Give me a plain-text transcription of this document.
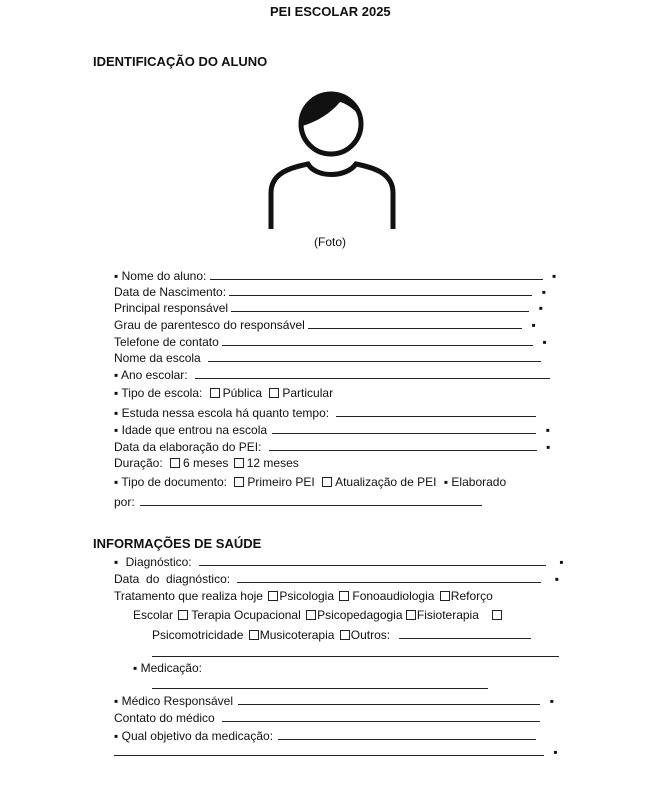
PEI ESCOLAR 2025
IDENTIFICAÇÃO DO ALUNO
(Foto)
▪ Nome do aluno:	▪
Data de Nascimento:	▪
Principal responsável	▪
Grau de parentesco do responsável	▪
Telefone de contato	▪
Nome da escola
▪ Ano escolar:
▪ Tipo de escola: Pública Particular
▪ Estuda nessa escola há quanto tempo:
▪ Idade que entrou na escola	▪
Data da elaboração do PEI:	▪
Duração: 6 meses 12 meses
▪ Tipo de documento: Primeiro PEI Atualização de PEI ▪ Elaborado
por:
INFORMAÇÕES DE SAÚDE
▪ Diagnóstico:	▪
Data  do  diagnóstico:	▪
Tratamento que realiza hoje Psicologia Fonoaudiologia Reforço
Escolar Terapia Ocupacional Psicopedagogia Fisioterapia
Psicomotricidade Musicoterapia Outros:
▪ Medicação:
▪ Médico Responsável	▪
Contato do médico
▪ Qual objetivo da medicação:
▪
